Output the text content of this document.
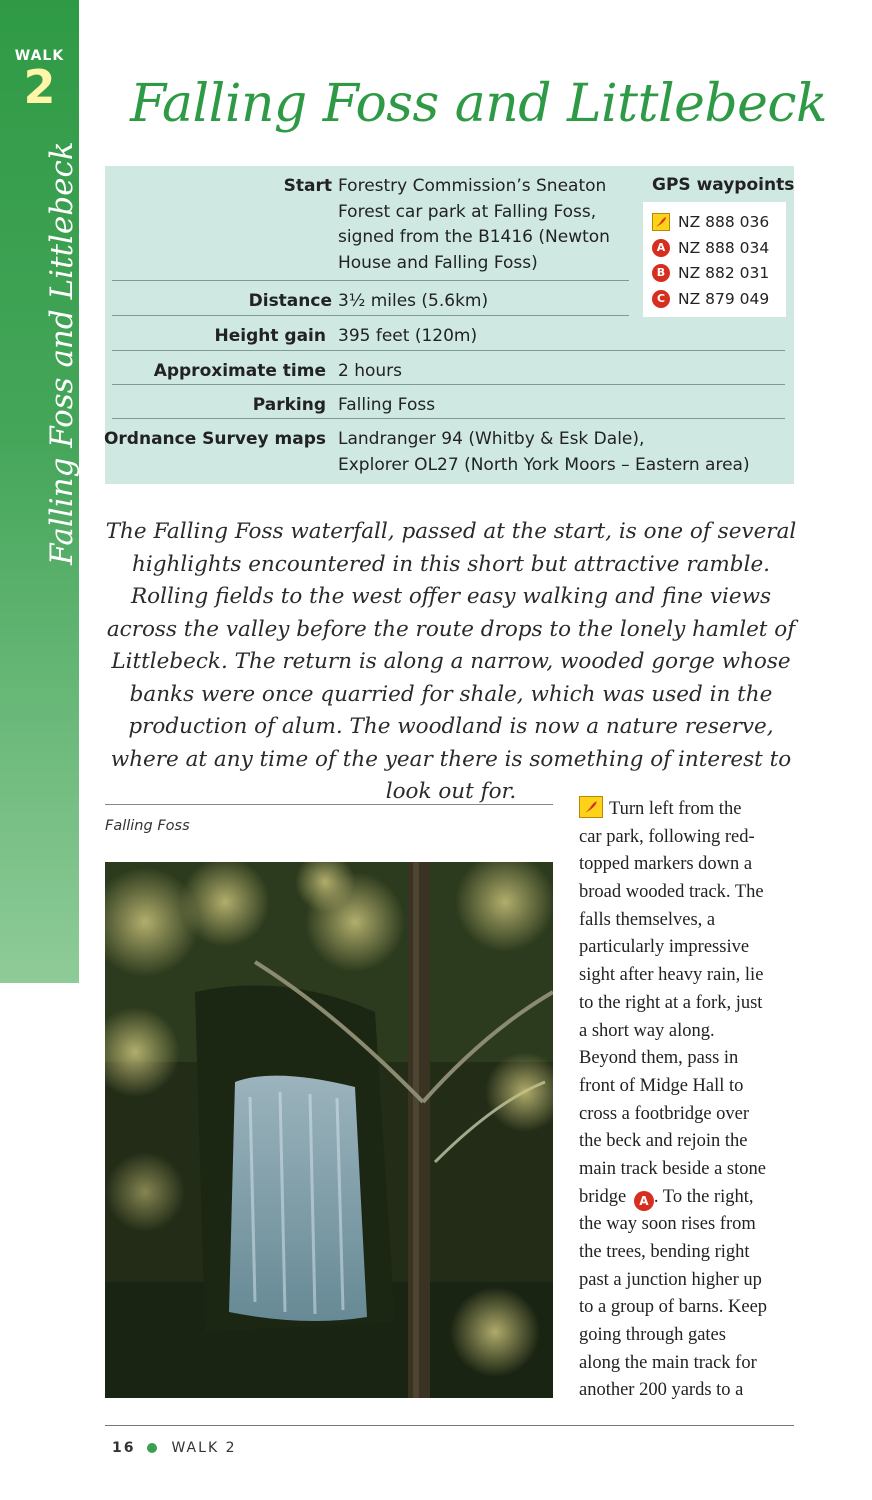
WALK
2
Falling Foss and Littlebeck
Falling Foss and Littlebeck
Start Forestry Commission’s Sneaton
Forest car park at Falling Foss,
signed from the B1416 (Newton
House and Falling Foss)
Distance 3½ miles (5.6km)
Height gain 395 feet (120m)
Approximate time 2 hours
Parking Falling Foss
Ordnance Survey maps Landranger 94 (Whitby & Esk Dale),
Explorer OL27 (North York Moors – Eastern area)
GPS waypoints
NZ 888 036
A NZ 888 034
B NZ 882 031
C NZ 879 049
The Falling Foss waterfall, passed at the start, is one of several highlights encountered in this short but attractive ramble. Rolling fields to the west offer easy walking and fine views across the valley before the route drops to the lonely hamlet of Littlebeck. The return is along a narrow, wooded gorge whose banks were once quarried for shale, which was used in the production of alum. The woodland is now a nature reserve, where at any time of the year there is something of interest to look out for.
Falling Foss
Turn left from the
car park, following red-
topped markers down a
broad wooded track. The
falls themselves, a
particularly impressive
sight after heavy rain, lie
to the right at a fork, just
a short way along.
Beyond them, pass in
front of Midge Hall to
cross a footbridge over
the beck and rejoin the
main track beside a stone
bridge A . To the right,
the way soon rises from
the trees, bending right
past a junction higher up
to a group of barns. Keep
going through gates
along the main track for
another 200 yards to a
16	WALK 2
